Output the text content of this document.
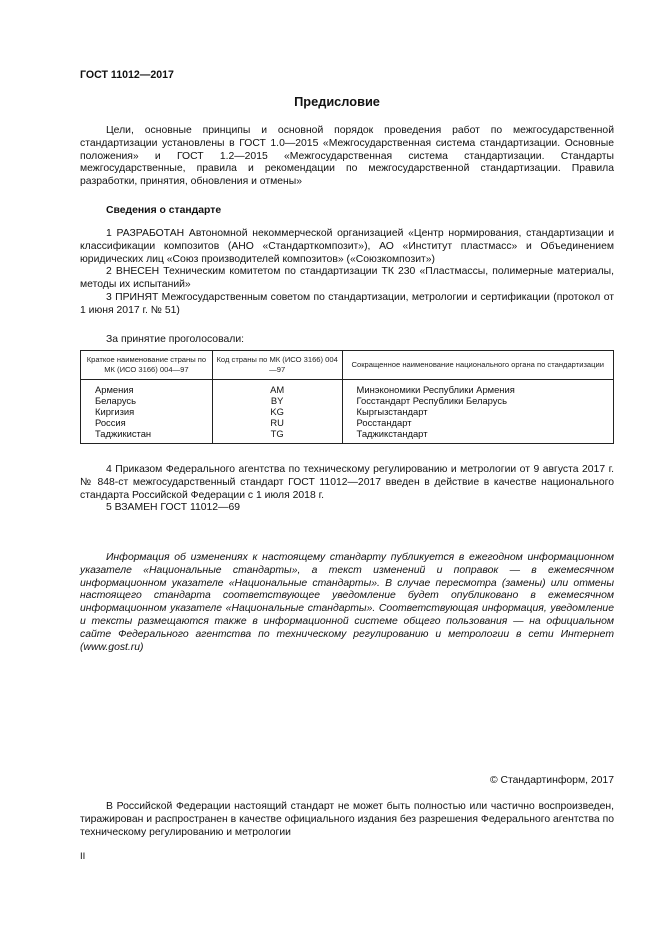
ГОСТ 11012—2017
Предисловие
Цели, основные принципы и основной порядок проведения работ по межгосударственной стандартизации установлены в ГОСТ 1.0—2015 «Межгосударственная система стандартизации. Основные положения» и ГОСТ 1.2—2015 «Межгосударственная система стандартизации. Стандарты межгосударственные, правила и рекомендации по межгосударственной стандартизации. Правила разработки, принятия, обновления и отмены»
Сведения о стандарте

1 РАЗРАБОТАН Автономной некоммерческой организацией «Центр нормирования, стандартизации и классификации композитов (АНО «Стандарткомпозит»), АО «Институт пластмасс» и Объединением юридических лиц «Союз производителей композитов» («Союзкомпозит»)

2 ВНЕСЕН Техническим комитетом по стандартизации ТК 230 «Пластмассы, полимерные материалы, методы их испытаний»

3 ПРИНЯТ Межгосударственным советом по стандартизации, метрологии и сертификации (протокол от 1 июня 2017 г. № 51)

За принятие проголосовали:
Краткое наименование страны по МК (ИСО 3166) 004—97	Код страны по МК (ИСО 3166) 004—97	Сокращенное наименование национального органа по стандартизации
Армения	AM	Минэкономики Республики Армения
Беларусь	BY	Госстандарт Республики Беларусь
Киргизия	KG	Кыргызстандарт
Россия	RU	Росстандарт
Таджикистан	TG	Таджикстандарт

4 Приказом Федерального агентства по техническому регулированию и метрологии от 9 августа 2017 г. № 848-ст межгосударственный стандарт ГОСТ 11012—2017 введен в действие в качестве национального стандарта Российской Федерации с 1 июля 2018 г.

5 ВЗАМЕН ГОСТ 11012—69

Информация об изменениях к настоящему стандарту публикуется в ежегодном информационном указателе «Национальные стандарты», а текст изменений и поправок — в ежемесячном информационном указателе «Национальные стандарты». В случае пересмотра (замены) или отмены настоящего стандарта соответствующее уведомление будет опубликовано в ежемесячном информационном указателе «Национальные стандарты». Соответствующая информация, уведомление и тексты размещаются также в информационной системе общего пользования — на официальном сайте Федерального агентства по техническому регулированию и метрологии в сети Интернет (www.gost.ru)
© Стандартинформ, 2017
В Российской Федерации настоящий стандарт не может быть полностью или частично воспроизведен, тиражирован и распространен в качестве официального издания без разрешения Федерального агентства по техническому регулированию и метрологии
II
